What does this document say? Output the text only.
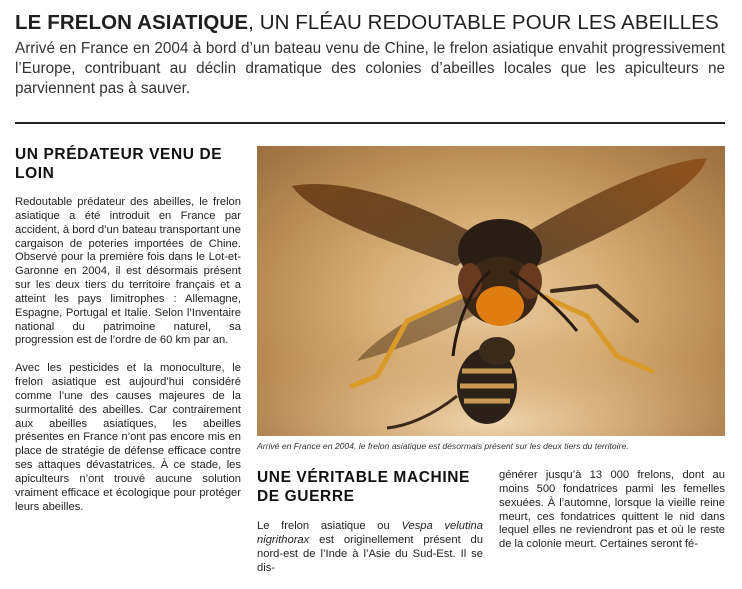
LE FRELON ASIATIQUE, UN FLÉAU REDOUTABLE POUR LES ABEILLES

Arrivé en France en 2004 à bord d’un bateau venu de Chine, le frelon asiatique envahit progressivement l’Europe, contribuant au déclin dramatique des colonies d’abeilles locales que les apiculteurs ne parviennent pas à sauver.

UN PRÉDATEUR VENU DE LOIN

Redoutable prédateur des abeilles, le frelon asiatique a été introduit en France par accident, à bord d’un bateau transportant une cargaison de poteries importées de Chine. Observé pour la première fois dans le Lot-et-Garonne en 2004, il est désormais présent sur les deux tiers du territoire français et a atteint les pays limitrophes : Allemagne, Espagne, Portugal et Italie. Selon l’Inventaire national du patrimoine naturel, sa progression est de l’ordre de 60 km par an.

Avec les pesticides et la monoculture, le frelon asiatique est aujourd’hui considéré comme l’une des causes majeures de la surmortalité des abeilles. Car contrairement aux abeilles asiatiques, les abeilles présentes en France n’ont pas encore mis en place de stratégie de défense efficace contre ses attaques dévastatrices. À ce stade, les apiculteurs n’ont trouvé aucune solution vraiment efficace et écologique pour protéger leurs abeilles.

Arrivé en France en 2004, le frelon asiatique est désormais présent sur les deux tiers du territoire.

UNE VÉRITABLE MACHINE DE GUERRE

Le frelon asiatique ou Vespa velutina nigrithorax est originellement présent du nord-est de l’Inde à l’Asie du Sud-Est. Il se dis-

générer jusqu’à 13 000 frelons, dont au moins 500 fondatrices parmi les femelles sexuées. À l’automne, lorsque la vieille reine meurt, ces fondatrices quittent le nid dans lequel elles ne reviendront pas et où le reste de la colonie meurt. Certaines seront fé-
